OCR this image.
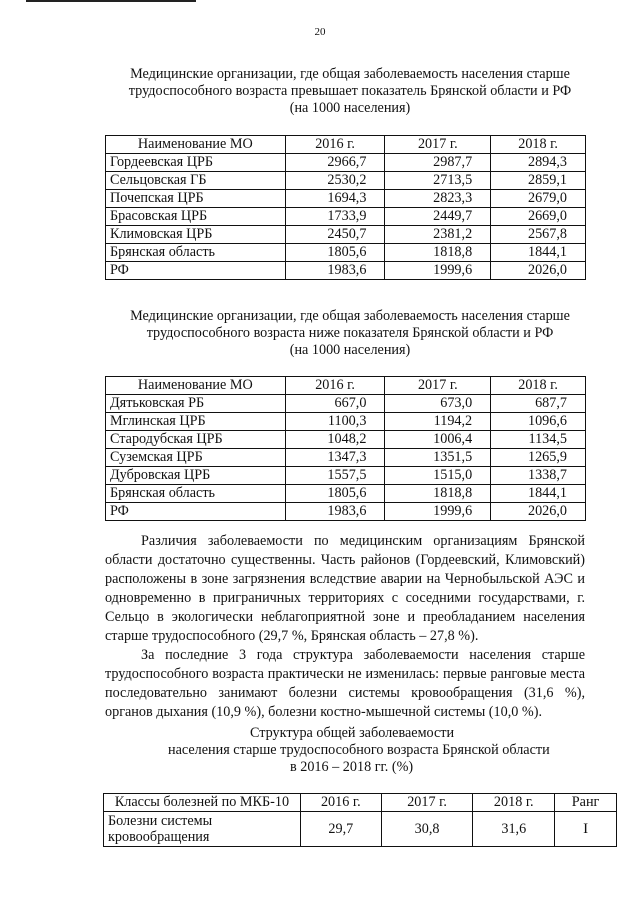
20
Медицинские организации, где общая заболеваемость населения старше
трудоспособного возраста превышает показатель Брянской области и РФ
(на 1000 населения)
Наименование МО	2016 г.	2017 г.	2018 г.
Гордеевская ЦРБ	2966,7	2987,7	2894,3
Сельцовская ГБ	2530,2	2713,5	2859,1
Почепская ЦРБ	1694,3	2823,3	2679,0
Брасовская ЦРБ	1733,9	2449,7	2669,0
Климовская ЦРБ	2450,7	2381,2	2567,8
Брянская область	1805,6	1818,8	1844,1
РФ	1983,6	1999,6	2026,0
Медицинские организации, где общая заболеваемость населения старше
трудоспособного возраста ниже показателя Брянской области и РФ
(на 1000 населения)
Наименование МО	2016 г.	2017 г.	2018 г.
Дятьковская РБ	667,0	673,0	687,7
Мглинская ЦРБ	1100,3	1194,2	1096,6
Стародубская ЦРБ	1048,2	1006,4	1134,5
Суземская ЦРБ	1347,3	1351,5	1265,9
Дубровская ЦРБ	1557,5	1515,0	1338,7
Брянская область	1805,6	1818,8	1844,1
РФ	1983,6	1999,6	2026,0

Различия заболеваемости по медицинским организациям Брянской области достаточно существенны. Часть районов (Гордеевский, Климовский) расположены в зоне загрязнения вследствие аварии на Чернобыльской АЭС и одновременно в приграничных территориях с соседними государствами, г. Сельцо в экологически неблагоприятной зоне и преобладанием населения старше трудоспособного (29,7 %, Брянская область – 27,8 %).

За последние 3 года структура заболеваемости населения старше трудоспособного возраста практически не изменилась: первые ранговые места последовательно занимают болезни системы кровообращения (31,6 %), органов дыхания (10,9 %), болезни костно-мышечной системы (10,0 %).

Структура общей заболеваемости
населения старше трудоспособного возраста Брянской области
в 2016 – 2018 гг. (%)
Классы болезней по МКБ-10	2016 г.	2017 г.	2018 г.	Ранг

Болезни системы кровообращения	29,7	30,8	31,6	I
